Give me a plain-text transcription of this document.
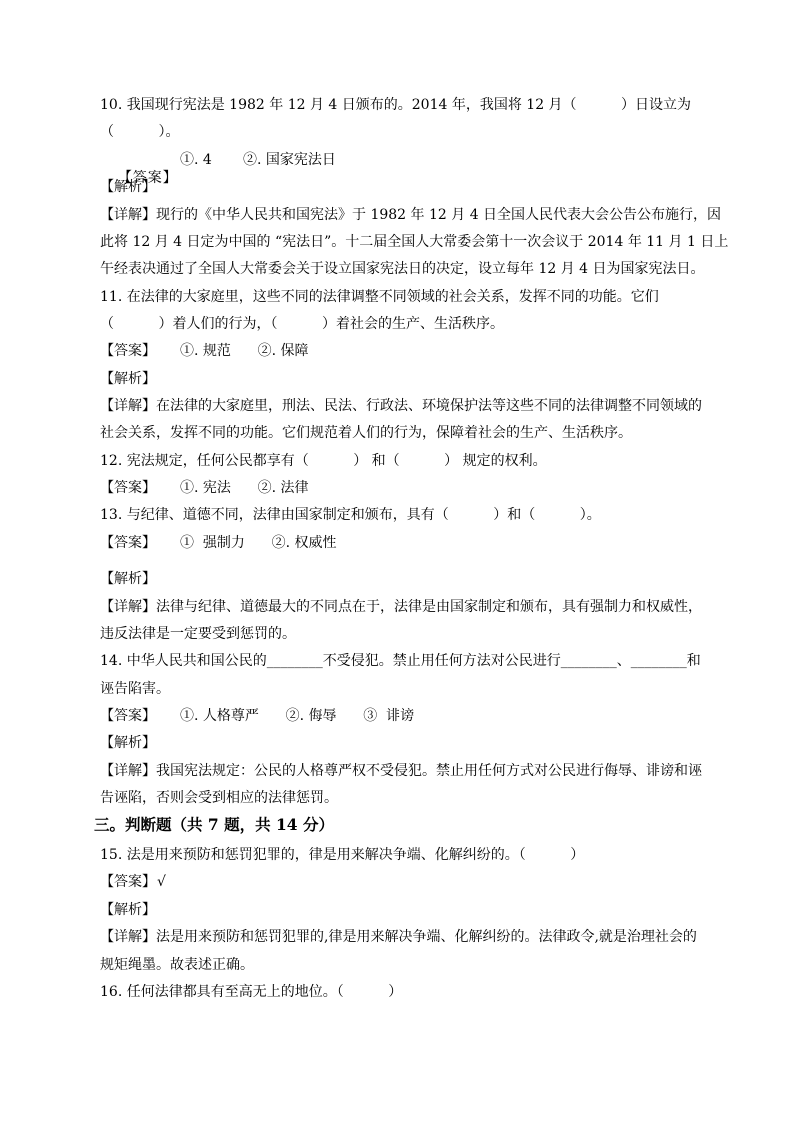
10. 我国现行宪法是 1982 年 12 月 4 日颁布的。2014 年，我国将 12 月（          ）日设立为
（          ）。

【答案】

①. 4       ②. 国家宪法日
【解析】
【详解】现行的《中华人民共和国宪法》于 1982 年 12 月 4 日全国人民代表大会公告公布施行，因
此将 12 月 4 日定为中国的 “宪法日”。十二届全国人大常委会第十一次会议于 2014 年 11 月 1 日上
午经表决通过了全国人大常委会关于设立国家宪法日的决定，设立每年 12 月 4 日为国家宪法日。
11. 在法律的大家庭里，这些不同的法律调整不同领域的社会关系，发挥不同的功能。它们
（          ）着人们的行为，（          ）着社会的生产、生活秩序。
【答案】 ①. 规范      ②. 保障
【解析】
【详解】在法律的大家庭里，刑法、民法、行政法、环境保护法等这些不同的法律调整不同领域的
社会关系，发挥不同的功能。它们规范着人们的行为，保障着社会的生产、生活秩序。
12. 宪法规定，任何公民都享有（          ） 和（          ） 规定的权利。
【答案】 ①. 宪法      ②. 法律
13. 与纪律、道德不同，法律由国家制定和颁布，具有（          ）和（          ）。
【答案】 ①  强制力      ②. 权威性
【解析】
【详解】法律与纪律、道德最大的不同点在于，法律是由国家制定和颁布，具有强制力和权威性，
违反法律是一定要受到惩罚的。
14. 中华人民共和国公民的________不受侵犯。禁止用任何方法对公民进行________、________和
诬告陷害。
【答案】 ①. 人格尊严      ②. 侮辱      ③  诽谤
【解析】
【详解】我国宪法规定：公民的人格尊严权不受侵犯。禁止用任何方式对公民进行侮辱、诽谤和诬
告诬陷，否则会受到相应的法律惩罚。
三。判断题（共 7 题，共 14 分）
15. 法是用来预防和惩罚犯罪的，律是用来解决争端、化解纠纷的。（          ）
【答案】 √
【解析】
【详解】法是用来预防和惩罚犯罪的,律是用来解决争端、化解纠纷的。法律政令,就是治理社会的
规矩绳墨。故表述正确。
16. 任何法律都具有至高无上的地位。（          ）
